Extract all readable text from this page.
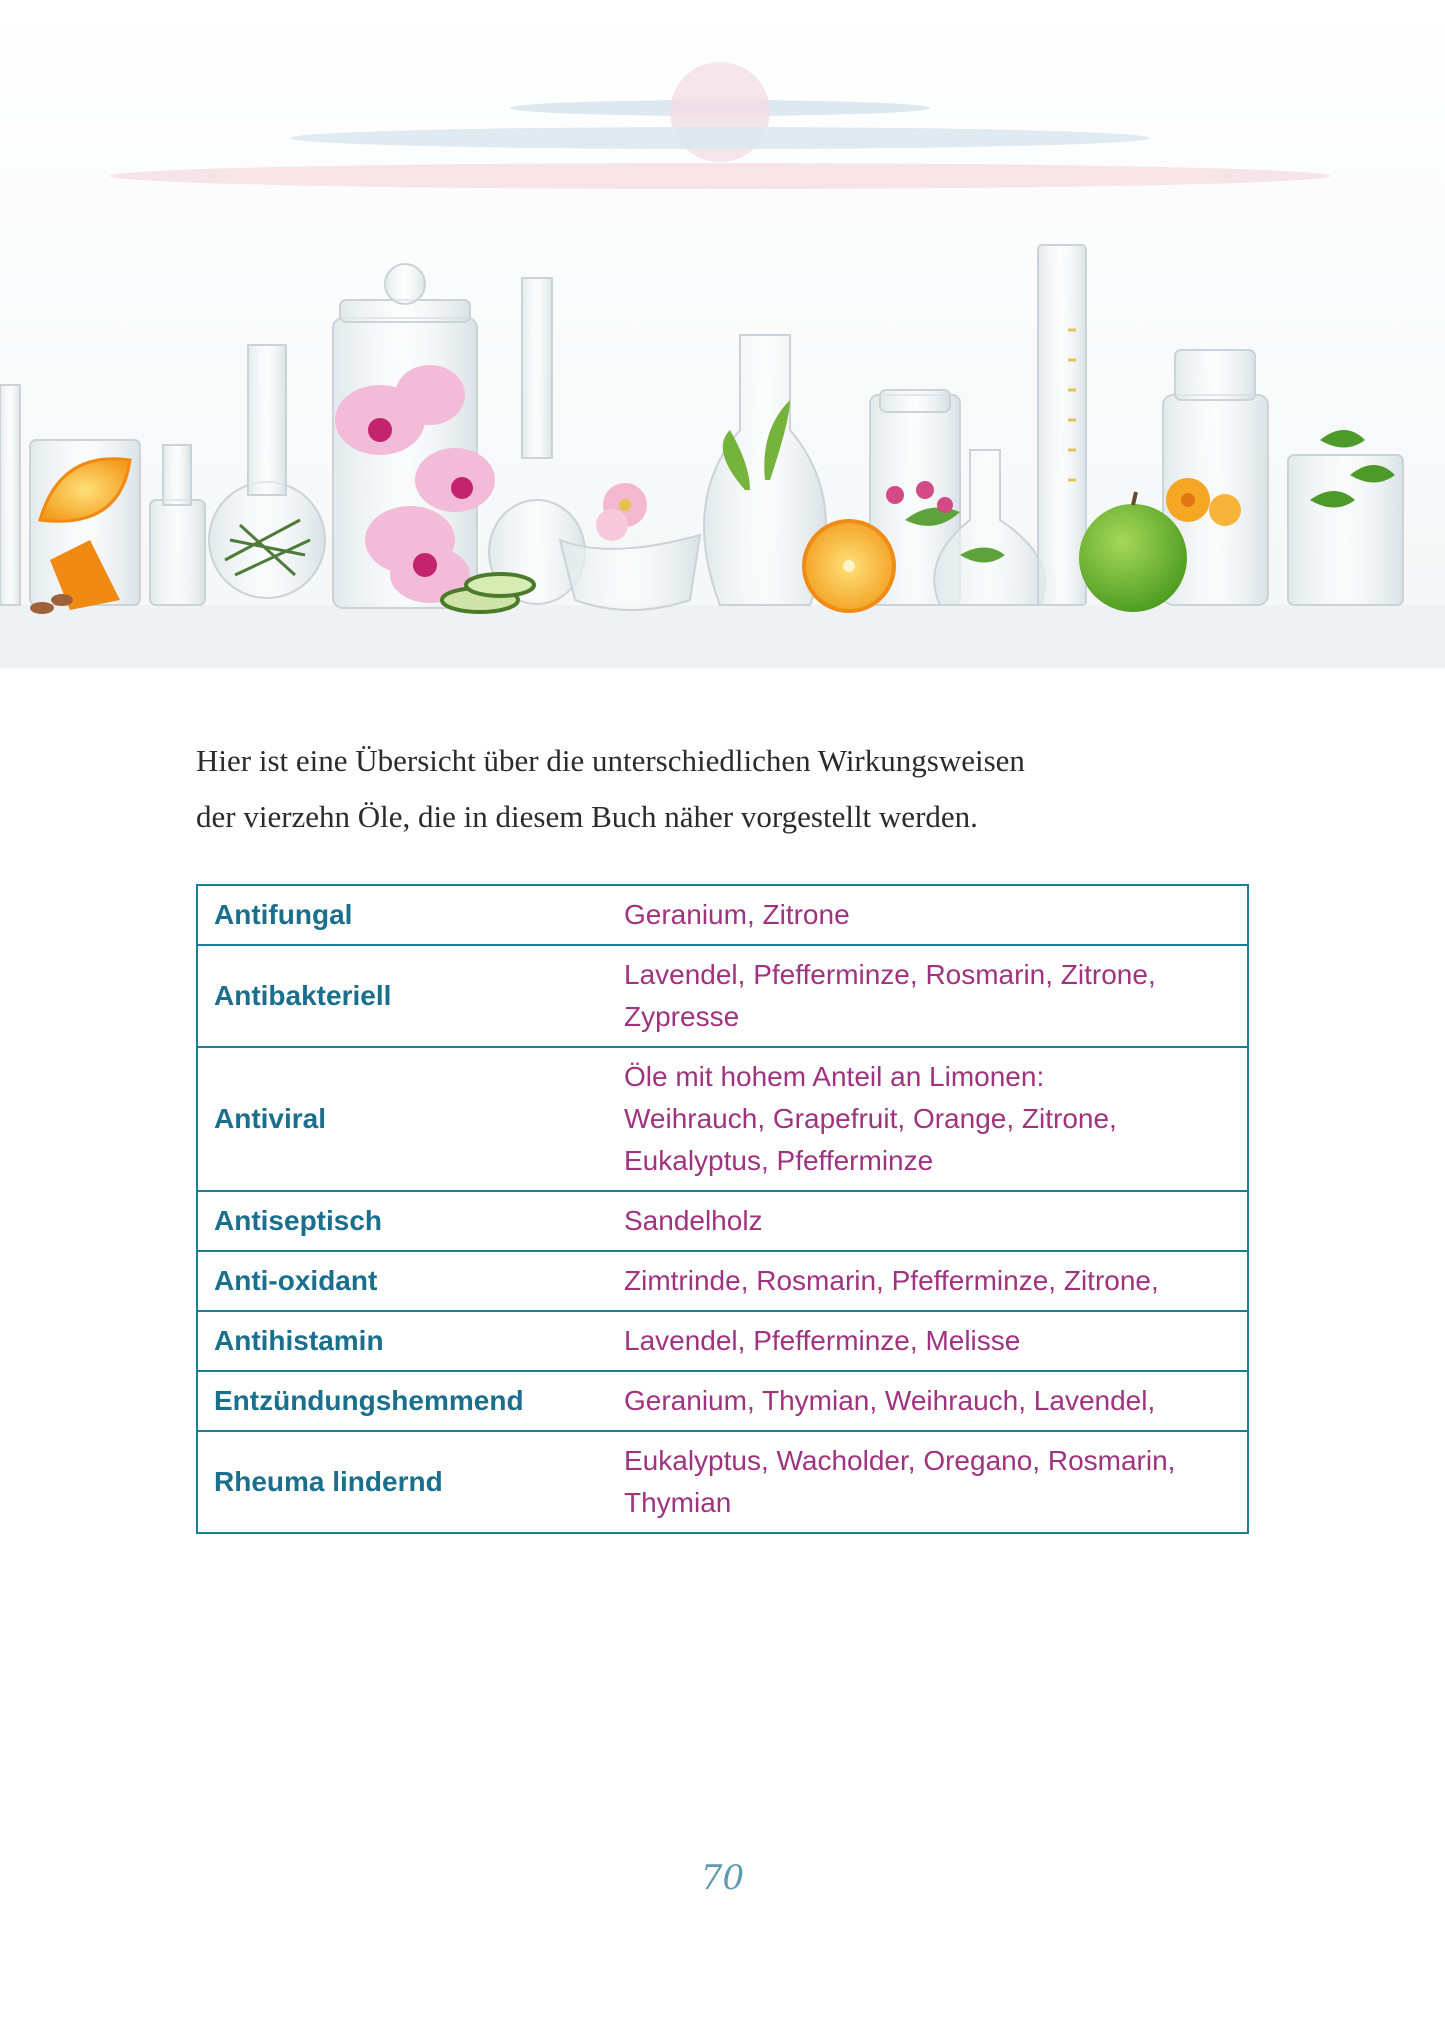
Hier ist eine Übersicht über die unterschiedlichen Wirkungsweisen
der vierzehn Öle, die in diesem Buch näher vorgestellt werden.

Antifungal	Geranium, Zitrone

Antibakteriell	Lavendel, Pfefferminze, Rosmarin, Zitrone,
Zypresse

Antiviral	Öle mit hohem Anteil an Limonen:
Weihrauch, Grapefruit, Orange, Zitrone,
Eukalyptus, Pfefferminze

Antiseptisch	Sandelholz

Anti-oxidant	Zimtrinde, Rosmarin, Pfefferminze, Zitrone,

Antihistamin	Lavendel, Pfefferminze, Melisse

Entzündungshemmend	Geranium, Thymian, Weihrauch, Lavendel,

Rheuma lindernd	Eukalyptus, Wacholder, Oregano, Rosmarin,
Thymian
70
